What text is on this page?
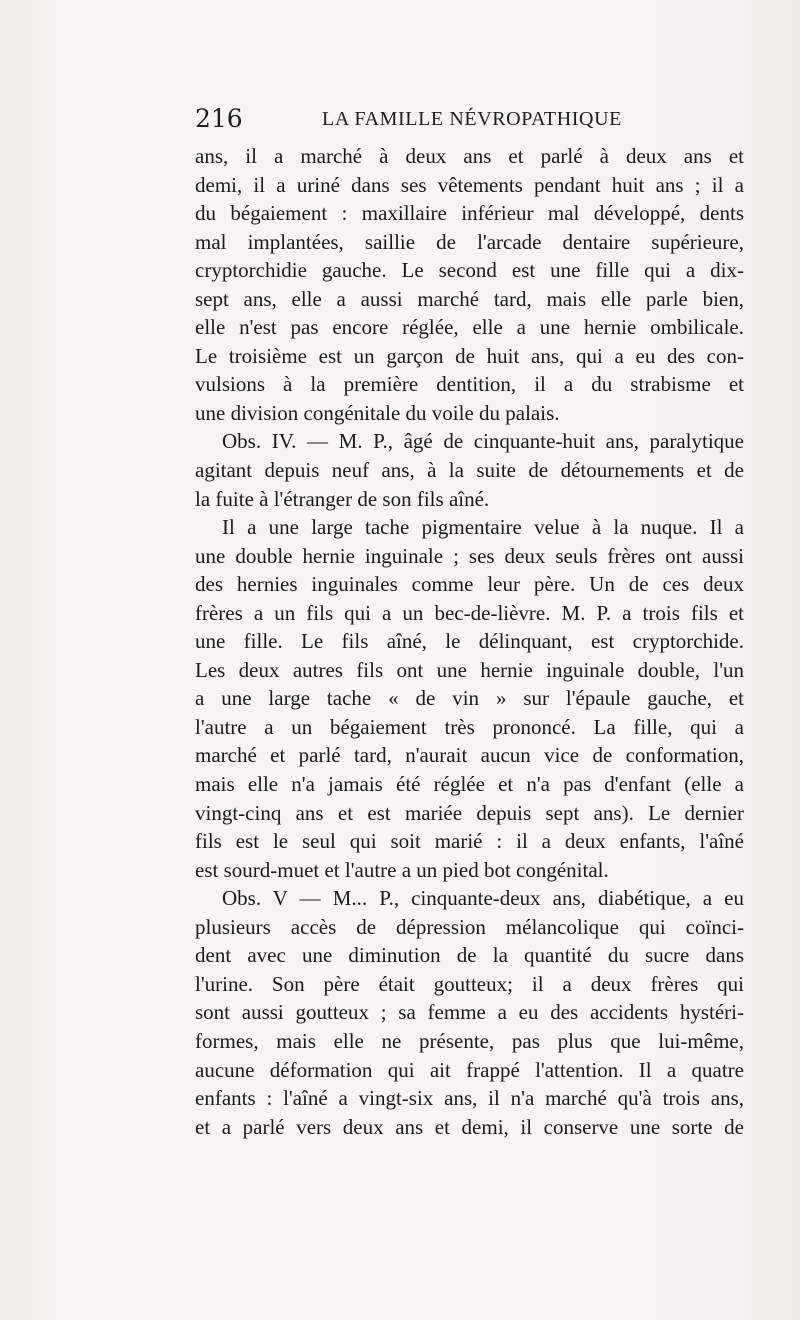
216	LA FAMILLE NÉVROPATHIQUE
ans, il a marché à deux ans et parlé à deux ans et
demi, il a uriné dans ses vêtements pendant huit ans ; il a
du bégaiement : maxillaire inférieur mal développé, dents
mal implantées, saillie de l'arcade dentaire supérieure,
cryptorchidie gauche. Le second est une fille qui a dix-
sept ans, elle a aussi marché tard, mais elle parle bien,
elle n'est pas encore réglée, elle a une hernie ombilicale.
Le troisième est un garçon de huit ans, qui a eu des con-
vulsions à la première dentition, il a du strabisme et
une division congénitale du voile du palais.
Obs. IV. — M. P., âgé de cinquante-huit ans, paralytique
agitant depuis neuf ans, à la suite de détournements et de
la fuite à l'étranger de son fils aîné.
Il a une large tache pigmentaire velue à la nuque. Il a
une double hernie inguinale ; ses deux seuls frères ont aussi
des hernies inguinales comme leur père. Un de ces deux
frères a un fils qui a un bec-de-lièvre. M. P. a trois fils et
une fille. Le fils aîné, le délinquant, est cryptorchide.
Les deux autres fils ont une hernie inguinale double, l'un
a une large tache « de vin » sur l'épaule gauche, et
l'autre a un bégaiement très prononcé. La fille, qui a
marché et parlé tard, n'aurait aucun vice de conformation,
mais elle n'a jamais été réglée et n'a pas d'enfant (elle a
vingt-cinq ans et est mariée depuis sept ans). Le dernier
fils est le seul qui soit marié : il a deux enfants, l'aîné
est sourd-muet et l'autre a un pied bot congénital.
Obs. V — M... P., cinquante-deux ans, diabétique, a eu
plusieurs accès de dépression mélancolique qui coïnci-
dent avec une diminution de la quantité du sucre dans
l'urine. Son père était goutteux; il a deux frères qui
sont aussi goutteux ; sa femme a eu des accidents hystéri-
formes, mais elle ne présente, pas plus que lui-même,
aucune déformation qui ait frappé l'attention. Il a quatre
enfants : l'aîné a vingt-six ans, il n'a marché qu'à trois ans,
et a parlé vers deux ans et demi, il conserve une sorte de
